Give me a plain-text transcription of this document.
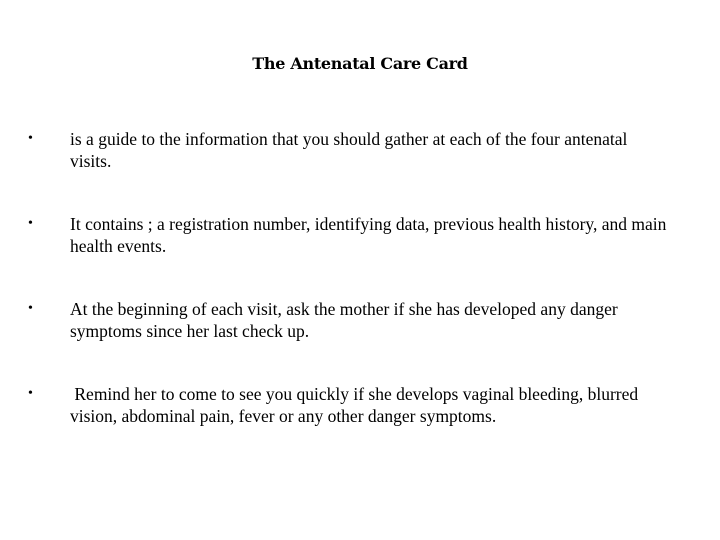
The Antenatal Care Card
•	is a guide to the information that you should gather at each of the four antenatal visits.
•	It contains ; a registration number, identifying data, previous health history, and main health events.
•	At the beginning of each visit, ask the mother if she has developed any danger symptoms since her last check up.
•	Remind her to come to see you quickly if she develops vaginal bleeding, blurred vision, abdominal pain, fever or any other danger symptoms.
